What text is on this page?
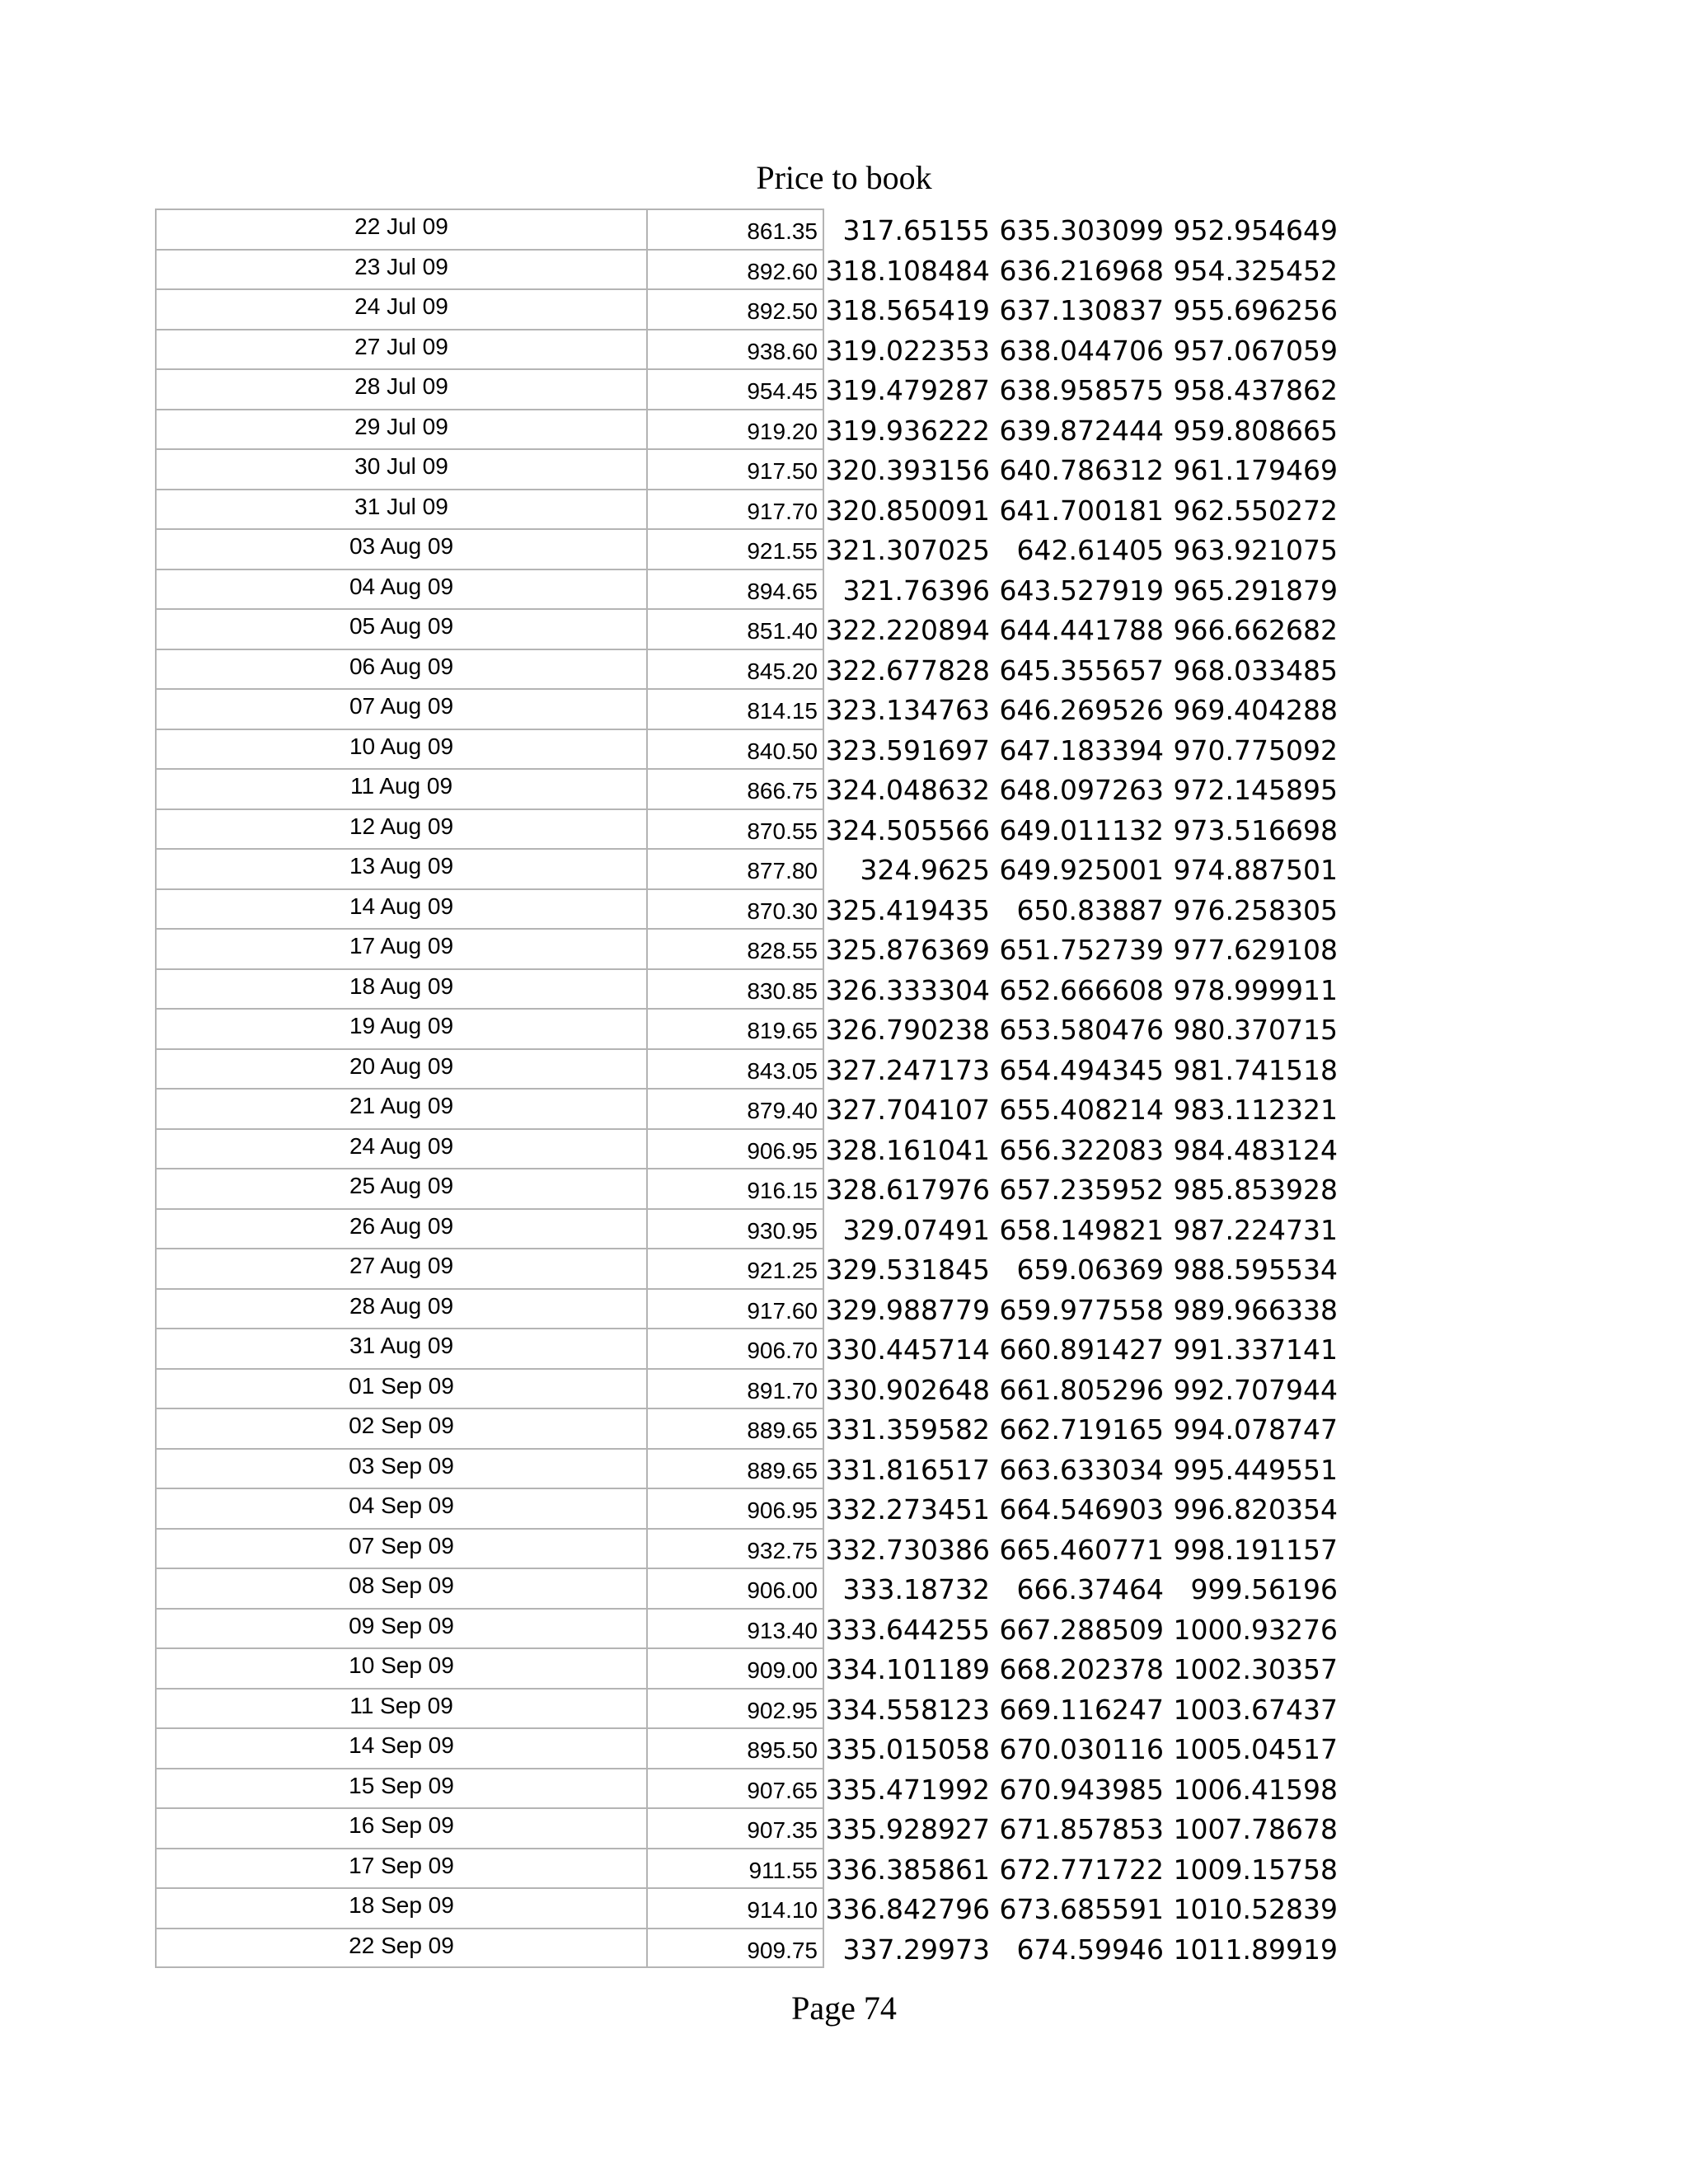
Price to book
22 Jul 09	861.35 317.65155 635.303099 952.954649
23 Jul 09	892.60 318.108484 636.216968 954.325452
24 Jul 09	892.50 318.565419 637.130837 955.696256
27 Jul 09	938.60 319.022353 638.044706 957.067059
28 Jul 09	954.45 319.479287 638.958575 958.437862
29 Jul 09	919.20 319.936222 639.872444 959.808665
30 Jul 09	917.50 320.393156 640.786312 961.179469
31 Jul 09	917.70 320.850091 641.700181 962.550272
03 Aug 09	921.55 321.307025 642.61405 963.921075
04 Aug 09	894.65 321.76396 643.527919 965.291879
05 Aug 09	851.40 322.220894 644.441788 966.662682
06 Aug 09	845.20 322.677828 645.355657 968.033485
07 Aug 09	814.15 323.134763 646.269526 969.404288
10 Aug 09	840.50 323.591697 647.183394 970.775092
11 Aug 09	866.75 324.048632 648.097263 972.145895
12 Aug 09	870.55 324.505566 649.011132 973.516698
13 Aug 09	877.80	324.9625 649.925001 974.887501
14 Aug 09	870.30 325.419435 650.83887 976.258305
17 Aug 09	828.55 325.876369 651.752739 977.629108
18 Aug 09	830.85 326.333304 652.666608 978.999911
19 Aug 09	819.65 326.790238 653.580476 980.370715
20 Aug 09	843.05 327.247173 654.494345 981.741518
21 Aug 09	879.40 327.704107 655.408214 983.112321
24 Aug 09	906.95 328.161041 656.322083 984.483124
25 Aug 09	916.15 328.617976 657.235952 985.853928
26 Aug 09	930.95 329.07491 658.149821 987.224731
27 Aug 09	921.25 329.531845 659.06369 988.595534
28 Aug 09	917.60 329.988779 659.977558 989.966338
31 Aug 09	906.70 330.445714 660.891427 991.337141
01 Sep 09	891.70 330.902648 661.805296 992.707944
02 Sep 09	889.65 331.359582 662.719165 994.078747
03 Sep 09	889.65 331.816517 663.633034 995.449551
04 Sep 09	906.95 332.273451 664.546903 996.820354
07 Sep 09	932.75 332.730386 665.460771 998.191157
08 Sep 09	906.00 333.18732 666.37464 999.56196
09 Sep 09	913.40 333.644255 667.288509 1000.93276
10 Sep 09	909.00 334.101189 668.202378 1002.30357
11 Sep 09	902.95 334.558123 669.116247 1003.67437
14 Sep 09	895.50 335.015058 670.030116 1005.04517
15 Sep 09	907.65 335.471992 670.943985 1006.41598
16 Sep 09	907.35 335.928927 671.857853 1007.78678
17 Sep 09	911.55 336.385861 672.771722 1009.15758
18 Sep 09	914.10 336.842796 673.685591 1010.52839
22 Sep 09	909.75 337.29973 674.59946 1011.89919
Page 74
